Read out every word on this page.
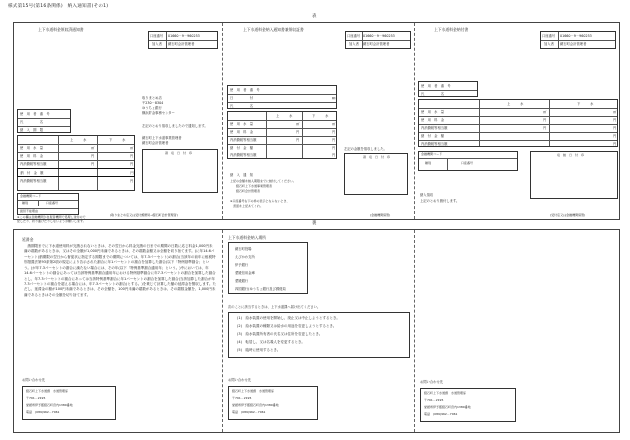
様式第15号(第16条関係)　納入通知書(その1)
表
上下水道料金領収済通知書
口座番号 01660－9－960253
加入者 鏡石町会計管理者
使　用　者　番　号
氏　　　　　名
納　入　期　限
上　　　水	下　　　水
使　用　水　量	㎥	㎥
使　用　料　金	円	円
内消費税等相当額	円	円
納　付　金　額	円
内消費税等相当額	円
金融機関コード
種別	口座番号
振替不能理由
※この欄は金融機関が自振替機関で処理し送付ので
記したり、折り曲げたりしないようお願いします。
(取りまとめ店又は受付郵便局→鏡石町会計管理者)
取りまとめ店
〒230－8304
ゆうちょ銀行
横浜貯金事務センター
左記のとおり領収しましたので通知します。
鏡石町上下水道事業管理者
鏡石町会計管理者
領　収　日　付　印
上下水道料金納入通知書兼領収証書
口座番号 01660－9－960253
加入者 鏡石町会計管理者
使　用　者　番　号
日　　　　　付	㎜
氏　　　　　名
上　　　水	下　　　水
使　用　水　量	㎥	㎥
使　用　料　金	円	円
内消費税等相当額	円	円
納　付　金　額	円
内消費税等相当額	円
左記の金額を領収しました。
領　収　日　付　印
納　入　通　知
上記の金額を納入期限までに納付してください。
　　鏡石町上下水道事業管理者
　　鏡石町会計管理者
※口座番号右下の枠の表示とならないとき、
　書留を上記あてくれ。
(金融機関保管)
上下水道料金納付書
口座番号 01660－9－960253
加入者 鏡石町会計管理者
使　用　者　番　号
氏　　　　　名
上　　　水	下　　　水
使　用　水　量	㎥	㎥
使　用　料　金	円	円
内消費税等相当額	円	円
納　付　金　額	円
内消費税等相当額	円
金融機関コード
種別	口座番号
収　納　日　付　印
納入領収
上記のとおり納付します。
(受付店又は金融機関保管)
裏
延滞金
　納期限までに下水道使用料が完納されないときは、その翌日から料金完納の日までの期間の日数に応じ料金1,000円未満の端数があるときは、又はその全額が1,000円未満であるときは、その端数金額又は全額を切り捨てます。)に年14.6パーセント(納期限の翌日から督促状に指定する期限までの期間については、年7.3パーセント)の割合(当該年の前年に租税特別措置法第93条第2項の規定により告示された割合に年1パーセントの割合を加算した割合(以下「特例基準割合」という。)が年7.3パーセントの割合に満たない場合には、その年(以下「特例基準割合適用年」という。)中においては、年14.6パーセントの割合にあっては当該特例基準割合適用年における特例基準割合に年7.3パーセントの割合を加算した割合とし、年7.3パーセントの割合にあっては当該特例基準割合に年1パーセントの割合を加算した割合(当該加算した割合が年7.3パーセントの割合を超える場合には、年7.3パーセントの割合)とする。)を乗じて計算した額の延滞金を徴収します。ただし、延滞金の額が100円未満であるときは、その全額を、100円未満の端数があるときは、その端数金額を、1,000円未満であるときはその全額を切り捨てます。
お問い合わせ先
鏡石町上下水道課　水道管理係
〒791－2195
愛媛県伊予郡鏡石町宮内1380番地
電話　(089)962－7061
上下水道料金納入場所
鏡石町役場
えびかわ支所
伊予銀行
愛媛信用金庫
愛媛銀行
四国銀行(ゆうちょ銀行及び郵便局
次のことに該当するときは、上下水道課へ届け出てください。
(1)　給水装置の使用を開始し、廃止又は中止しようとするとき。
(2)　給水装置の種類又は給水の用途を変更しようとするとき。
(3)　給水装置所有者の氏名又は住所を変更したとき。
(4)　転居し、又は名義人を変更するとき。
(5)　臨時に使用するとき。
お問い合わせ先
鏡石町上下水道課　水道管理係
〒791－2195
愛媛県伊予郡鏡石町宮内1380番地
電話　(089)962－7061
お問い合わせ先
鏡石町上下水道課　水道管理係
〒791－2195
愛媛県伊予郡鏡石町宮内1380番地
電話　(089)962－7061
